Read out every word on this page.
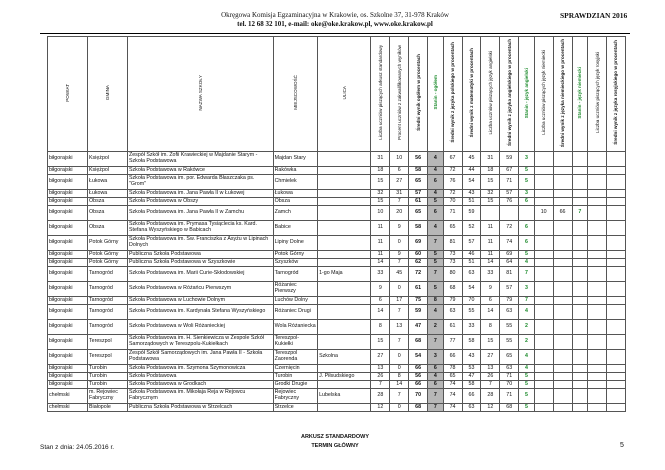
Okręgowa Komisja Egzaminacyjna w Krakowie, os. Szkolne 37, 31-978 Kraków
tel. 12 68 32 101, e-mail: oke@oke.krakow.pl, www.oke.krakow.pl
SPRAWDZIAN 2016
POWIAT	GMINA	NAZWA SZKOŁY	MIEJSCOWOŚĆ	ULICA	Liczba uczniów piszących arkusz standardowy	Procent uczniów z zakwalifikowanych wyników	Średni wynik ogółem w procentach	Stanin - ogółem	Średni wynik z języka polskiego w procentach	Średni wynik z matematyki w procentach	Liczba uczniów piszących język angielski	Średni wynik z języka angielskiego w procentach	Stanin - język angielski	Liczba uczniów piszących język niemiecki	Średni wynik z języka niemieckiego w procentach	Stanin - język niemiecki	Liczba uczniów piszących język rosyjski	Średni wynik z języka rosyjskiego w procentach
biłgorajski	Księżpol	Zespół Szkół im. Zofii Krawieckiej w Majdanie Starym - Szkoła Podstawowa	Majdan Stary		31	10	56	4	67	45	31	59	3					
biłgorajski	Księżpol	Szkoła Podstawowa w Rakówce	Rakówka		18	6	58	4	72	44	18	67	5					
biłgorajski	Łukowa	Szkoła Podstawowa im. por. Edwarda Błaszczaka ps. "Grom"	Chmielek		15	27	65	6	76	54	15	71	5					
biłgorajski	Łukowa	Szkoła Podstawowa im. Jana Pawła II w Łukowej	Łukowa		32	31	57	4	72	43	32	57	3					
biłgorajski	Obsza	Szkoła Podstawowa w Obszy	Obsza		15	7	61	5	70	51	15	76	6					
biłgorajski	Obsza	Szkoła Podstawowa im. Jana Pawła II w Zamchu	Zamch		10	20	65	6	71	59				10	66	7		
biłgorajski	Obsza	Szkoła Podstawowa im. Prymasa Tysiąclecia ks. Kard. Stefana Wyszyńskiego w Babicach	Babice		11	9	58	4	65	52	11	72	6					
biłgorajski	Potok Górny	Szkoła Podstawowa im. Św. Franciszka z Asyżu w Lipinach Dolnych	Lipiny Dolne		11	0	69	7	81	57	11	74	6					
biłgorajski	Potok Górny	Publiczna Szkoła Podstawowa	Potok Górny		11	9	60	5	73	46	11	69	5					
biłgorajski	Potok Górny	Publiczna Szkoła Podstawowa w Szyszkowie	Szyszków		14	7	62	5	73	51	14	64	4					
biłgorajski	Tarnogród	Szkoła Podstawowa im. Marii Curie-Skłodowskiej	Tarnogród	1-go Maja	33	45	72	7	80	63	33	81	7					
biłgorajski	Tarnogród	Szkoła Podstawowa w Różańcu Pierwszym	Różaniec Pierwszy		9	0	61	5	68	54	9	57	3					
biłgorajski	Tarnogród	Szkoła Podstawowa w Luchowie Dolnym	Luchów Dolny		6	17	75	8	79	70	6	79	7					
biłgorajski	Tarnogród	Szkoła Podstawowa im. Kardynała Stefana Wyszyńskiego	Różaniec Drugi		14	7	59	4	63	55	14	63	4					
biłgorajski	Tarnogród	Szkoła Podstawowa w Woli Różanieckiej	Wola Różaniecka		8	13	47	2	61	33	8	55	2					
biłgorajski	Tereszpol	Szkoła Podstawowa im. H. Sienkiewicza w Zespole Szkół Samorządowych w Tereszpolu-Kukiełkach	Tereszpol-Kukiełki		15	7	68	7	77	58	15	55	2					
biłgorajski	Tereszpol	Zespół Szkół Samorządowych im. Jana Pawła II - Szkoła Podstawowa	Tereszpol Zaorenda	Szkolna	27	0	54	3	66	43	27	65	4					
biłgorajski	Turobin	Szkoła Podstawowa im. Szymona Szymonowicza	Czernięcin		13	0	66	6	78	53	13	63	4					
biłgorajski	Turobin	Szkoła Podstawowa	Turobin	J. Piłsudskiego	26	8	56	4	65	47	26	71	5					
biłgorajski	Turobin	Szkoła Podstawowa w Grodkach	Grodki Drugie		7	14	66	6	74	58	7	70	5					
chełmski	m. Rejowiec Fabryczny	Szkoła Podstawowa im. Mikołaja Reja w Rejowcu Fabrycznym	Rejowiec Fabryczny	Lubelska	28	7	70	7	74	66	28	71	5					
chełmski	Białopole	Publiczna Szkoła Podstawowa w Strzelcach	Strzelce		12	0	68	7	74	63	12	68	5					
Stan z dnia: 24.05.2016 r.
ARKUSZ STANDARDOWY
TERMIN GŁÓWNY	5
